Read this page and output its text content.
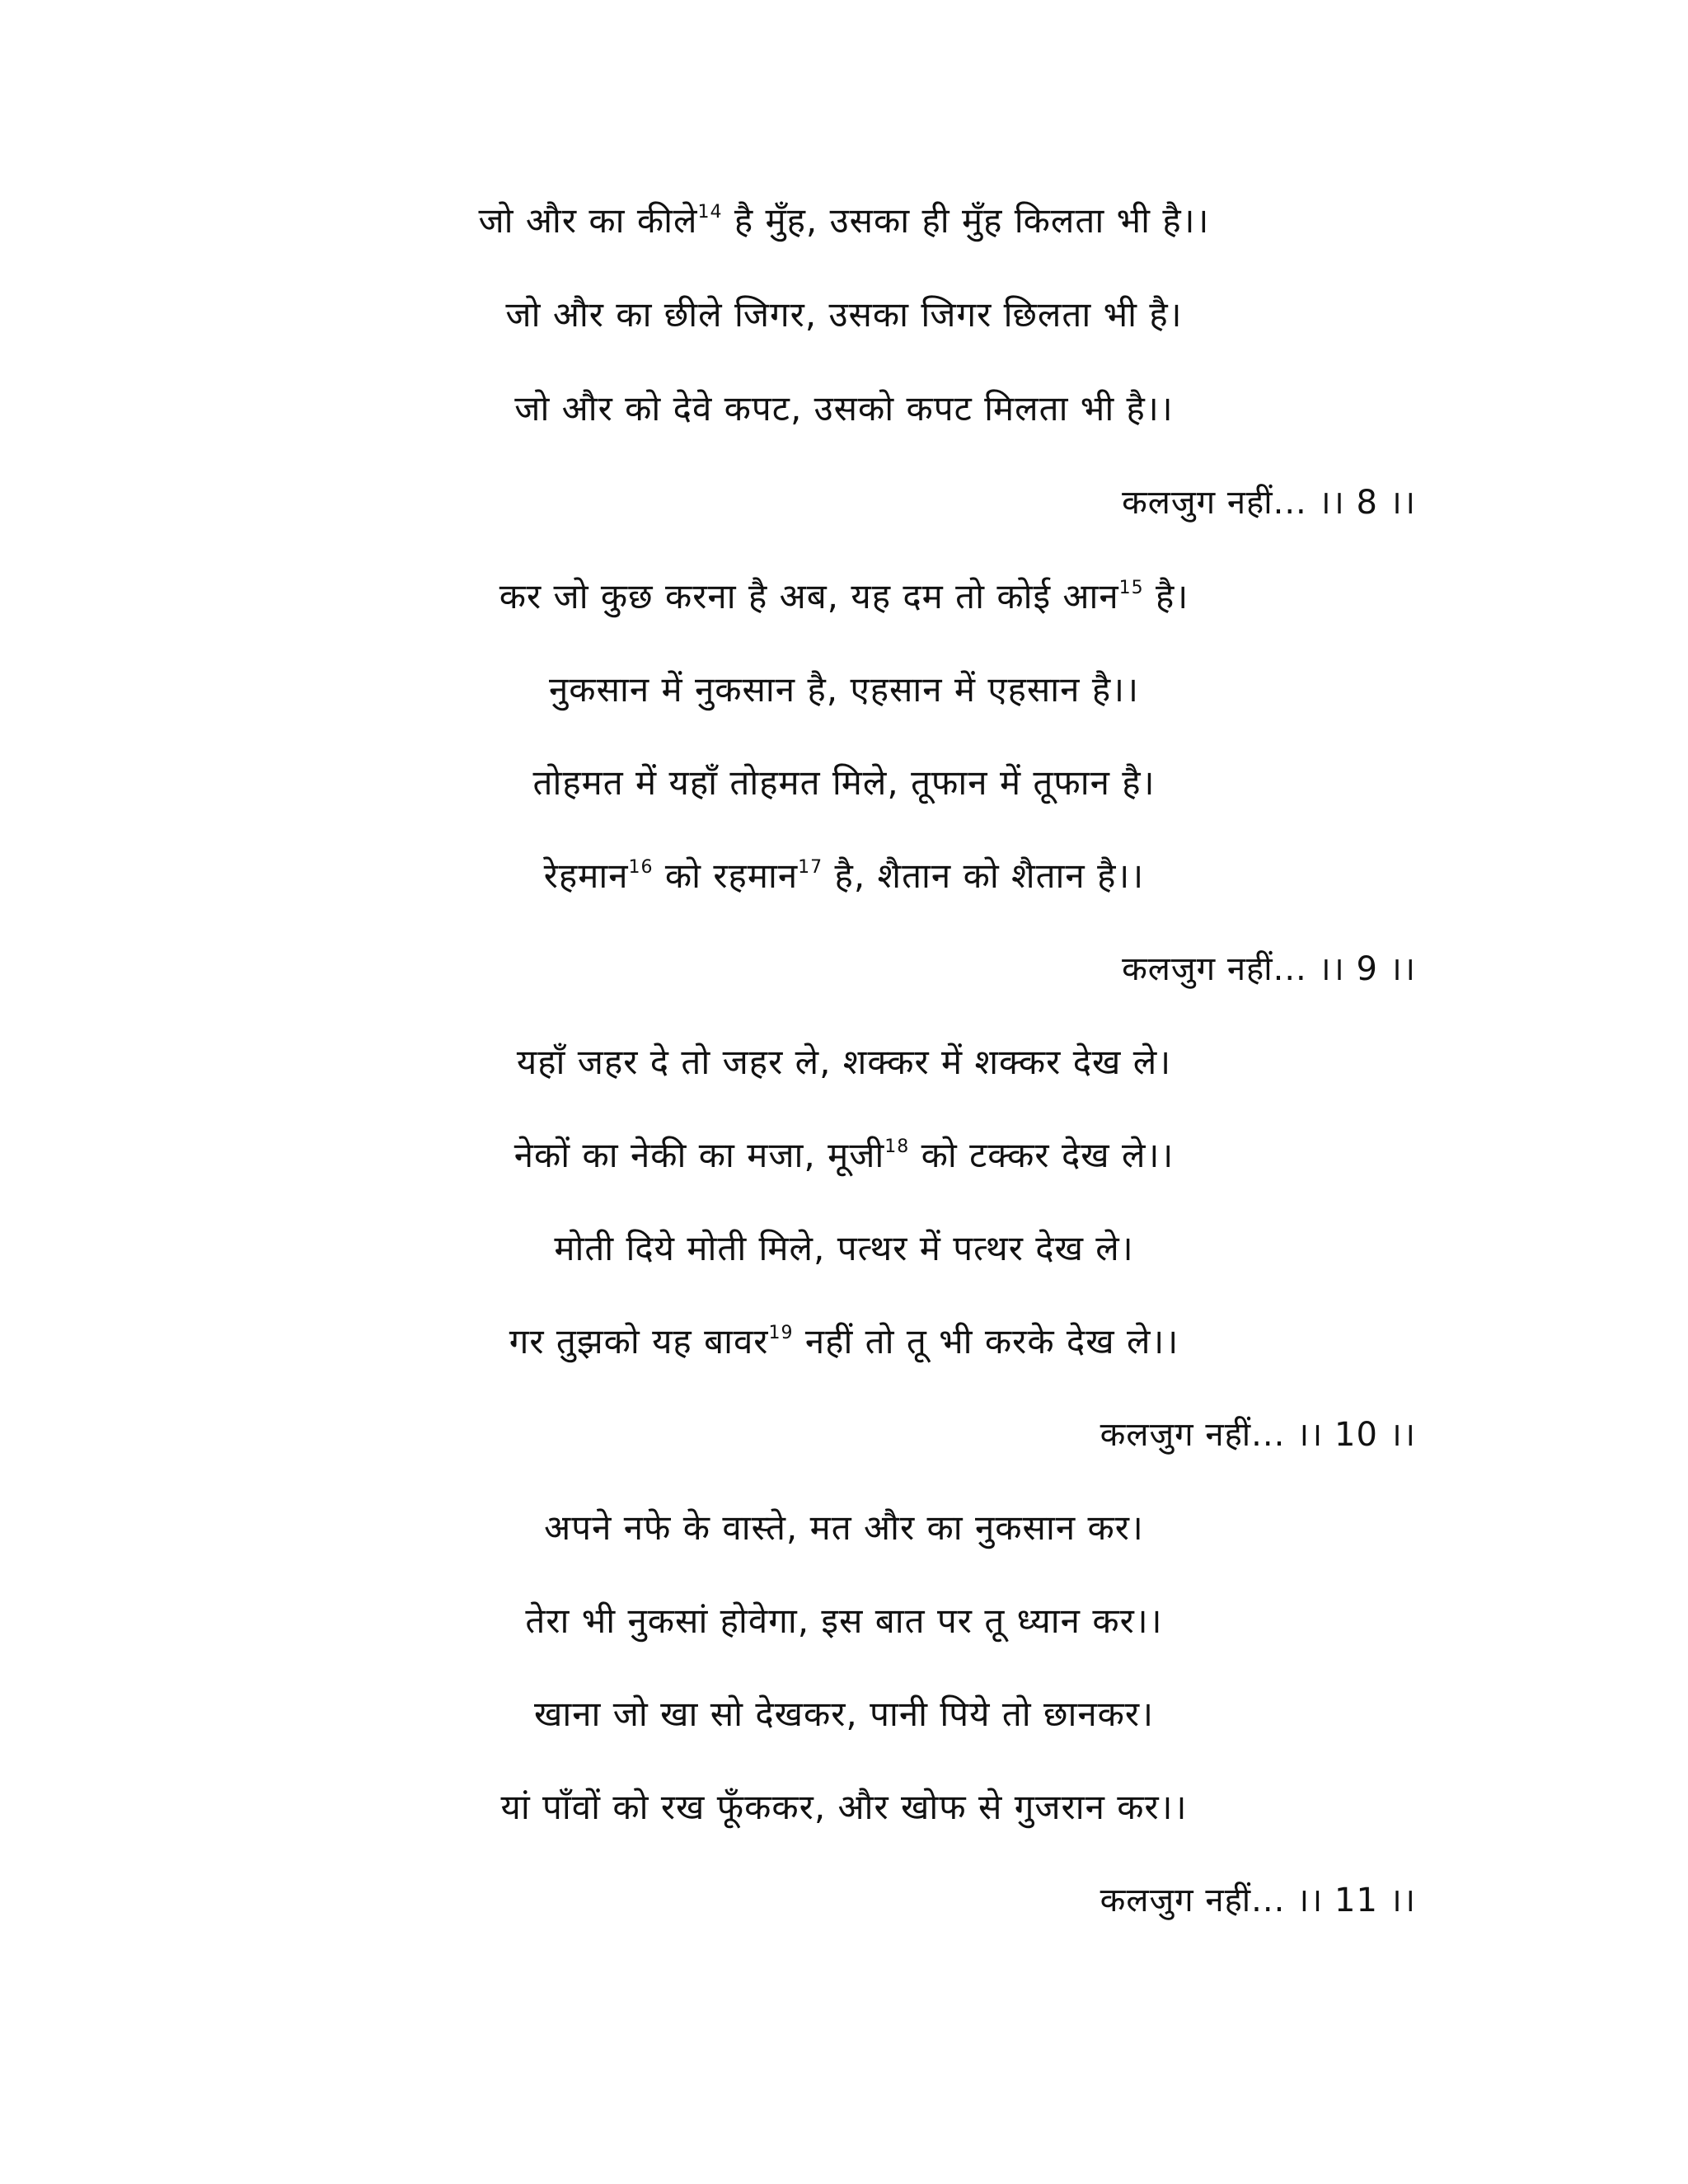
जो और का कीले$^{14}$ है मुँह, उसका ही मुँह किलता भी है।।
जो और का छीले जिगर, उसका जिगर छिलता भी है।
जो और को देवे कपट, उसको कपट मिलता भी है।।
कलजुग नहीं... ।। 8 ।।
कर जो कुछ करना है अब, यह दम तो कोई आन$^{15}$ है।
नुकसान में नुकसान है, एहसान में एहसान है।।
तोहमत में यहाँ तोहमत मिले, तूफान में तूफान है।
रेहमान$^{16}$ को रहमान$^{17}$ है, शैतान को शैतान है।।
कलजुग नहीं... ।। 9 ।।
यहाँ जहर दे तो जहर ले, शक्कर में शक्कर देख ले।
नेकों का नेकी का मजा, मूजी$^{18}$ को टक्कर देख ले।।
मोती दिये मोती मिले, पत्थर में पत्थर देख ले।
गर तुझको यह बावर$^{19}$ नहीं तो तू भी करके देख ले।।
कलजुग नहीं... ।। 10 ।।
अपने नफे के वास्ते, मत और का नुकसान कर।
तेरा भी नुकसां होवेगा, इस बात पर तू ध्यान कर।।
खाना जो खा सो देखकर, पानी पिये तो छानकर।
यां पाँवों को रख फूँककर, और खोफ से गुजरान कर।।
कलजुग नहीं... ।। 11 ।।
